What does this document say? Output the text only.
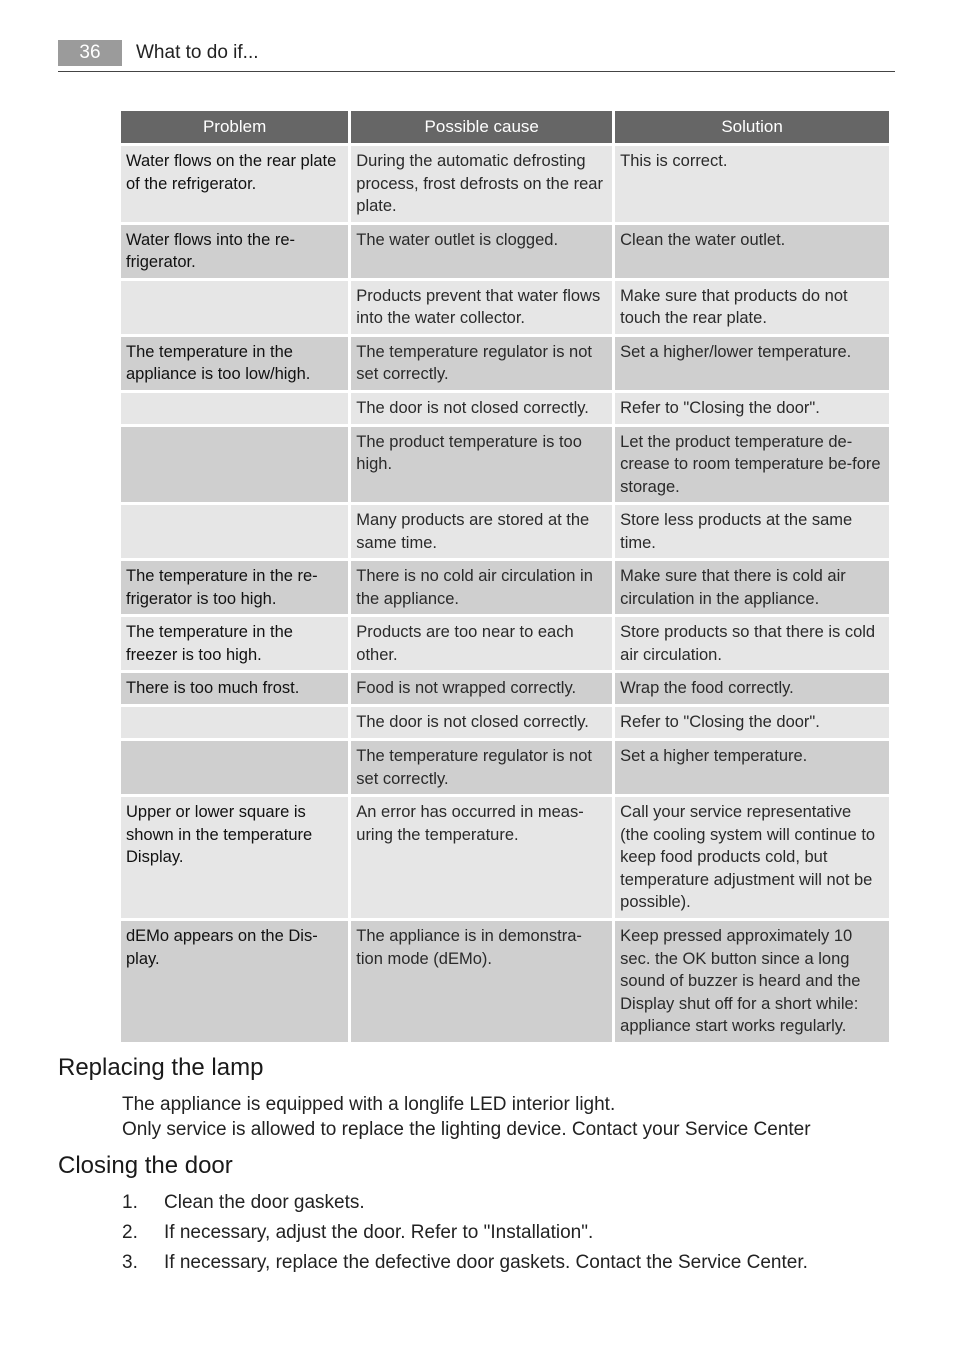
36	What to do if...
Problem	Possible cause	Solution
Water flows on the rear plate of the refrigerator.	During the automatic defrosting process, frost defrosts on the rear plate.	This is correct.
Water flows into the re-frigerator.	The water outlet is clogged.	Clean the water outlet.
	Products prevent that water flows into the water collector.	Make sure that products do not touch the rear plate.
The temperature in the appliance is too low/high.	The temperature regulator is not set correctly.	Set a higher/lower temperature.
	The door is not closed correctly.	Refer to "Closing the door".
	The product temperature is too high.	Let the product temperature de-crease to room temperature be-fore storage.
	Many products are stored at the same time.	Store less products at the same time.
The temperature in the re-frigerator is too high.	There is no cold air circulation in the appliance.	Make sure that there is cold air circulation in the appliance.
The temperature in the freezer is too high.	Products are too near to each other.	Store products so that there is cold air circulation.
There is too much frost.	Food is not wrapped correctly.	Wrap the food correctly.
	The door is not closed correctly.	Refer to "Closing the door".
	The temperature regulator is not set correctly.	Set a higher temperature.
Upper or lower square is shown in the temperature Display.	An error has occurred in meas-uring the temperature.	Call your service representative (the cooling system will continue to keep food products cold, but temperature adjustment will not be possible).
dEMo appears on the Dis-play.	The appliance is in demonstra-tion mode (dEMo).	Keep pressed approximately 10 sec. the OK button since a long sound of buzzer is heard and the Display shut off for a short while: appliance start works regularly.
Replacing the lamp

The appliance is equipped with a longlife LED interior light.

Only service is allowed to replace the lighting device. Contact your Service Center

Closing the door
1. Clean the door gaskets.
2. If necessary, adjust the door. Refer to "Installation".
3. If necessary, replace the defective door gaskets. Contact the Service Center.
